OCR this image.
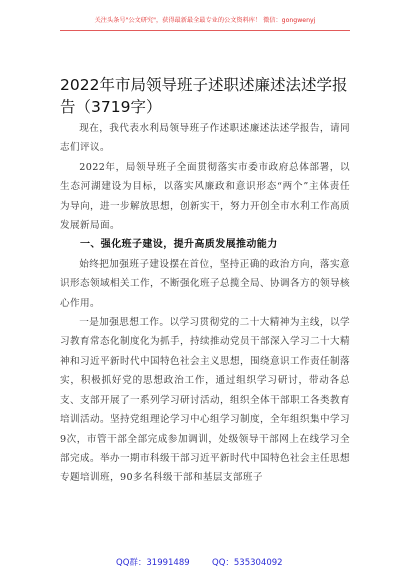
关注头条号"公文研究"，获得最新最全最专业的公文资料库！ 微信：gongwenyj
2022年市局领导班子述职述廉述法述学报告（3719字）

现在，我代表水利局领导班子作述职述廉述法述学报告，请同志们评议。

2022年，局领导班子全面贯彻落实市委市政府总体部署，以生态河湖建设为目标，以落实风廉政和意识形态“两个”主体责任为导向，进一步解放思想，创新实干，努力开创全市水利工作高质发展新局面。

一、强化班子建设，提升高质发展推动能力

始终把加强班子建设摆在首位，坚持正确的政治方向，落实意识形态领域相关工作，不断强化班子总揽全局、协调各方的领导核心作用。

一是加强思想工作。以学习贯彻党的二十大精神为主线，以学习教育常态化制度化为抓手，持续推动党员干部深入学习二十大精神和习近平新时代中国特色社会主义思想，围绕意识工作责任制落实，积极抓好党的思想政治工作，通过组织学习研讨，带动各总支、支部开展了一系列学习研讨活动，组织全体干部职工各类教育培训活动。坚持党组理论学习中心组学习制度，全年组织集中学习9次，市管干部全部完成参加调训，处级领导干部网上在线学习全部完成。举办一期市科级干部习近平新时代中国特色社会主任思想专题培训班，90多名科级干部和基层支部班子

QQ群：31991489	QQ：535304092
